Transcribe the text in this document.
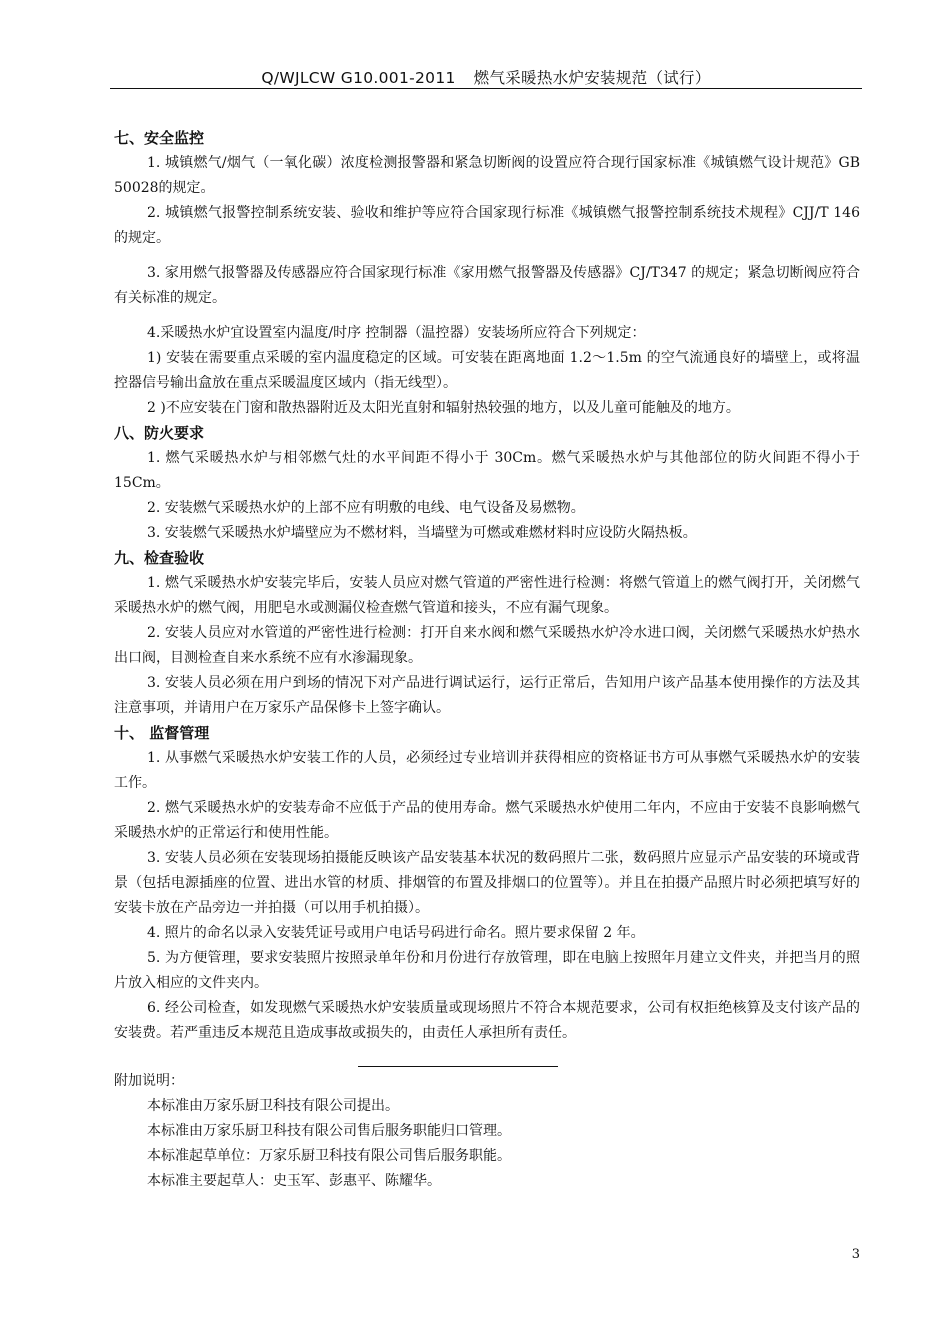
Q/WJLCW G10.001-2011 燃气采暖热水炉安装规范（试行）
七、安全监控

1. 城镇燃气/烟气（一氧化碳）浓度检测报警器和紧急切断阀的设置应符合现行国家标准《城镇燃气设计规范》GB 50028的规定。

2. 城镇燃气报警控制系统安装、验收和维护等应符合国家现行标准《城镇燃气报警控制系统技术规程》CJJ/T 146的规定。

3. 家用燃气报警器及传感器应符合国家现行标准《家用燃气报警器及传感器》CJ/T347 的规定；紧急切断阀应符合有关标准的规定。

4.采暖热水炉宜设置室内温度/时序 控制器（温控器）安装场所应符合下列规定：

1) 安装在需要重点采暖的室内温度稳定的区域。可安装在距离地面 1.2～1.5m 的空气流通良好的墙壁上，或将温控器信号输出盒放在重点采暖温度区域内（指无线型）。

2 )不应安装在门窗和散热器附近及太阳光直射和辐射热较强的地方，以及儿童可能触及的地方。

八、防火要求

1. 燃气采暖热水炉与相邻燃气灶的水平间距不得小于 30Cm。燃气采暖热水炉与其他部位的防火间距不得小于 15Cm。

2. 安装燃气采暖热水炉的上部不应有明敷的电线、电气设备及易燃物。

3. 安装燃气采暖热水炉墙壁应为不燃材料，当墙壁为可燃或难燃材料时应设防火隔热板。

九、检查验收

1. 燃气采暖热水炉安装完毕后，安装人员应对燃气管道的严密性进行检测：将燃气管道上的燃气阀打开，关闭燃气采暖热水炉的燃气阀，用肥皂水或测漏仪检查燃气管道和接头，不应有漏气现象。

2. 安装人员应对水管道的严密性进行检测：打开自来水阀和燃气采暖热水炉冷水进口阀，关闭燃气采暖热水炉热水出口阀，目测检查自来水系统不应有水渗漏现象。

3. 安装人员必须在用户到场的情况下对产品进行调试运行，运行正常后，告知用户该产品基本使用操作的方法及其注意事项，并请用户在万家乐产品保修卡上签字确认。

十、 监督管理

1. 从事燃气采暖热水炉安装工作的人员，必须经过专业培训并获得相应的资格证书方可从事燃气采暖热水炉的安装工作。

2. 燃气采暖热水炉的安装寿命不应低于产品的使用寿命。燃气采暖热水炉使用二年内，不应由于安装不良影响燃气采暖热水炉的正常运行和使用性能。

3. 安装人员必须在安装现场拍摄能反映该产品安装基本状况的数码照片二张，数码照片应显示产品安装的环境或背景（包括电源插座的位置、进出水管的材质、排烟管的布置及排烟口的位置等）。并且在拍摄产品照片时必须把填写好的安装卡放在产品旁边一并拍摄（可以用手机拍摄）。

4. 照片的命名以录入安装凭证号或用户电话号码进行命名。照片要求保留 2 年。

5. 为方便管理，要求安装照片按照录单年份和月份进行存放管理，即在电脑上按照年月建立文件夹，并把当月的照片放入相应的文件夹内。

6. 经公司检查，如发现燃气采暖热水炉安装质量或现场照片不符合本规范要求，公司有权拒绝核算及支付该产品的安装费。若严重违反本规范且造成事故或损失的，由责任人承担所有责任。

附加说明：
本标准由万家乐厨卫科技有限公司提出。
本标准由万家乐厨卫科技有限公司售后服务职能归口管理。
本标准起草单位：万家乐厨卫科技有限公司售后服务职能。
本标准主要起草人：史玉军、彭惠平、陈耀华。
3
